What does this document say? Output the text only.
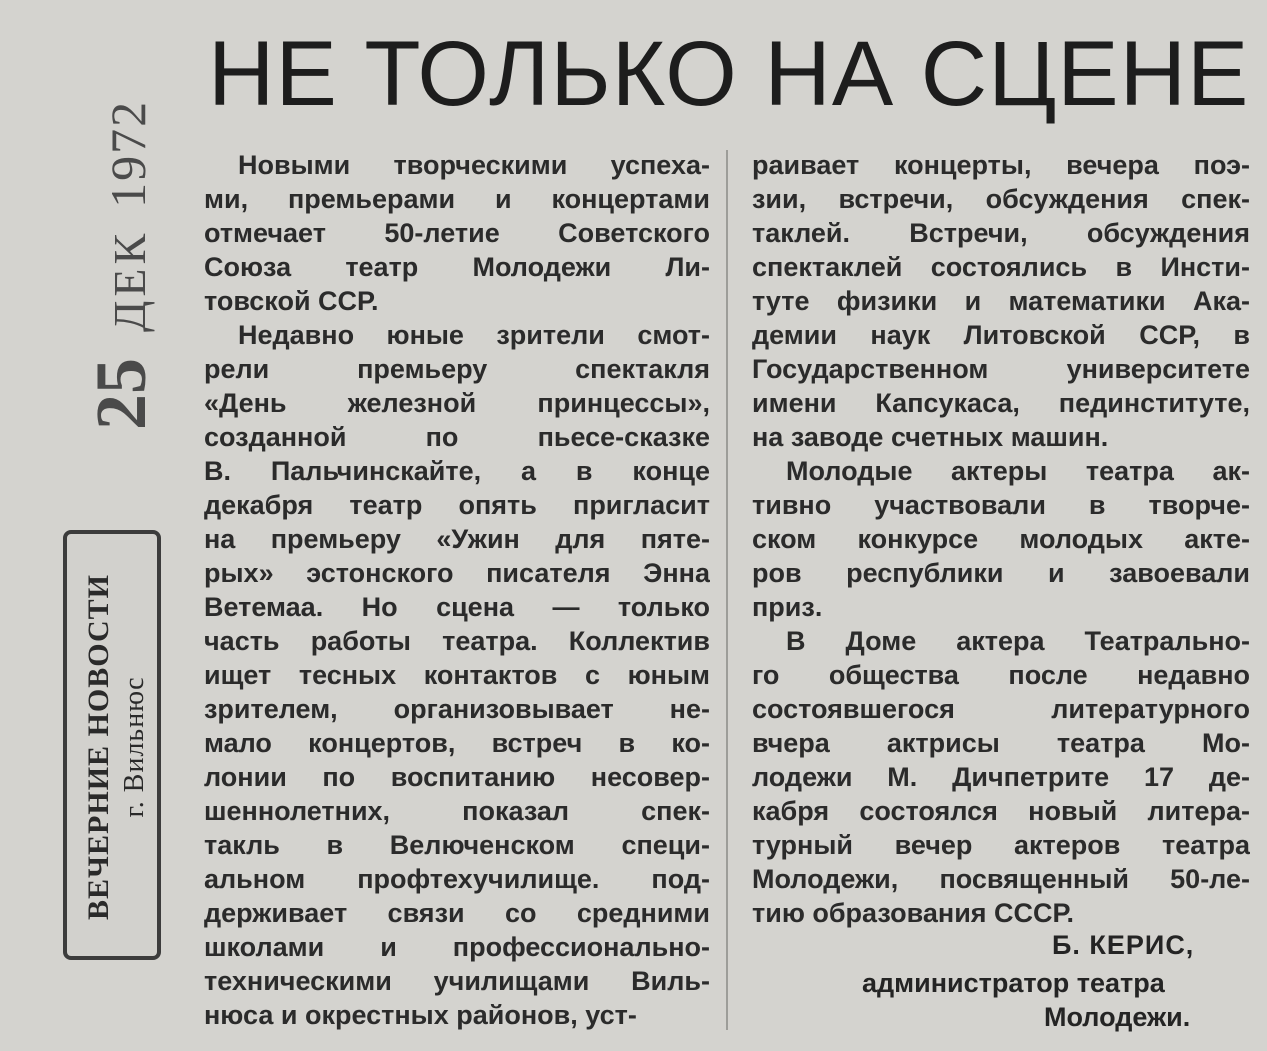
НЕ ТОЛЬКО НА СЦЕНЕ
25 ДЕК 1972
ВЕЧЕРНИЕ НОВОСТИ г. Вильнюс
Новыми творческими успеха-
ми, премьерами и концертами
отмечает 50-летие Советского
Союза театр Молодежи Ли-
товской ССР.
Недавно юные зрители смот-
рели премьеру спектакля
«День железной принцессы»,
созданной по пьесе-сказке
В. Пальчинскайте, а в конце
декабря театр опять пригласит
на премьеру «Ужин для пяте-
рых» эстонского писателя Энна
Ветемаа. Но сцена — только
часть работы театра. Коллектив
ищет тесных контактов с юным
зрителем, организовывает не-
мало концертов, встреч в ко-
лонии по воспитанию несовер-
шеннолетних, показал спек-
такль в Велюченском специ-
альном профтехучилище. под-
держивает связи со средними
школами и профессионально-
техническими училищами Виль-
нюса и окрестных районов, уст-
раивает концерты, вечера поэ-
зии, встречи, обсуждения спек-
таклей. Встречи, обсуждения
спектаклей состоялись в Инсти-
туте физики и математики Ака-
демии наук Литовской ССР, в
Государственном университете
имени Капсукаса, пединституте,
на заводе счетных машин.
Молодые актеры театра ак-
тивно участвовали в творче-
ском конкурсе молодых акте-
ров республики и завоевали
приз.
В Доме актера Театрально-
го общества после недавно
состоявшегося литературного
вчера актрисы театра Мо-
лодежи М. Дичпетрите 17 де-
кабря состоялся новый литера-
турный вечер актеров театра
Молодежи, посвященный 50-ле-
тию образования СССР.
Б. КЕРИС,
администратор театра
Молодежи.
